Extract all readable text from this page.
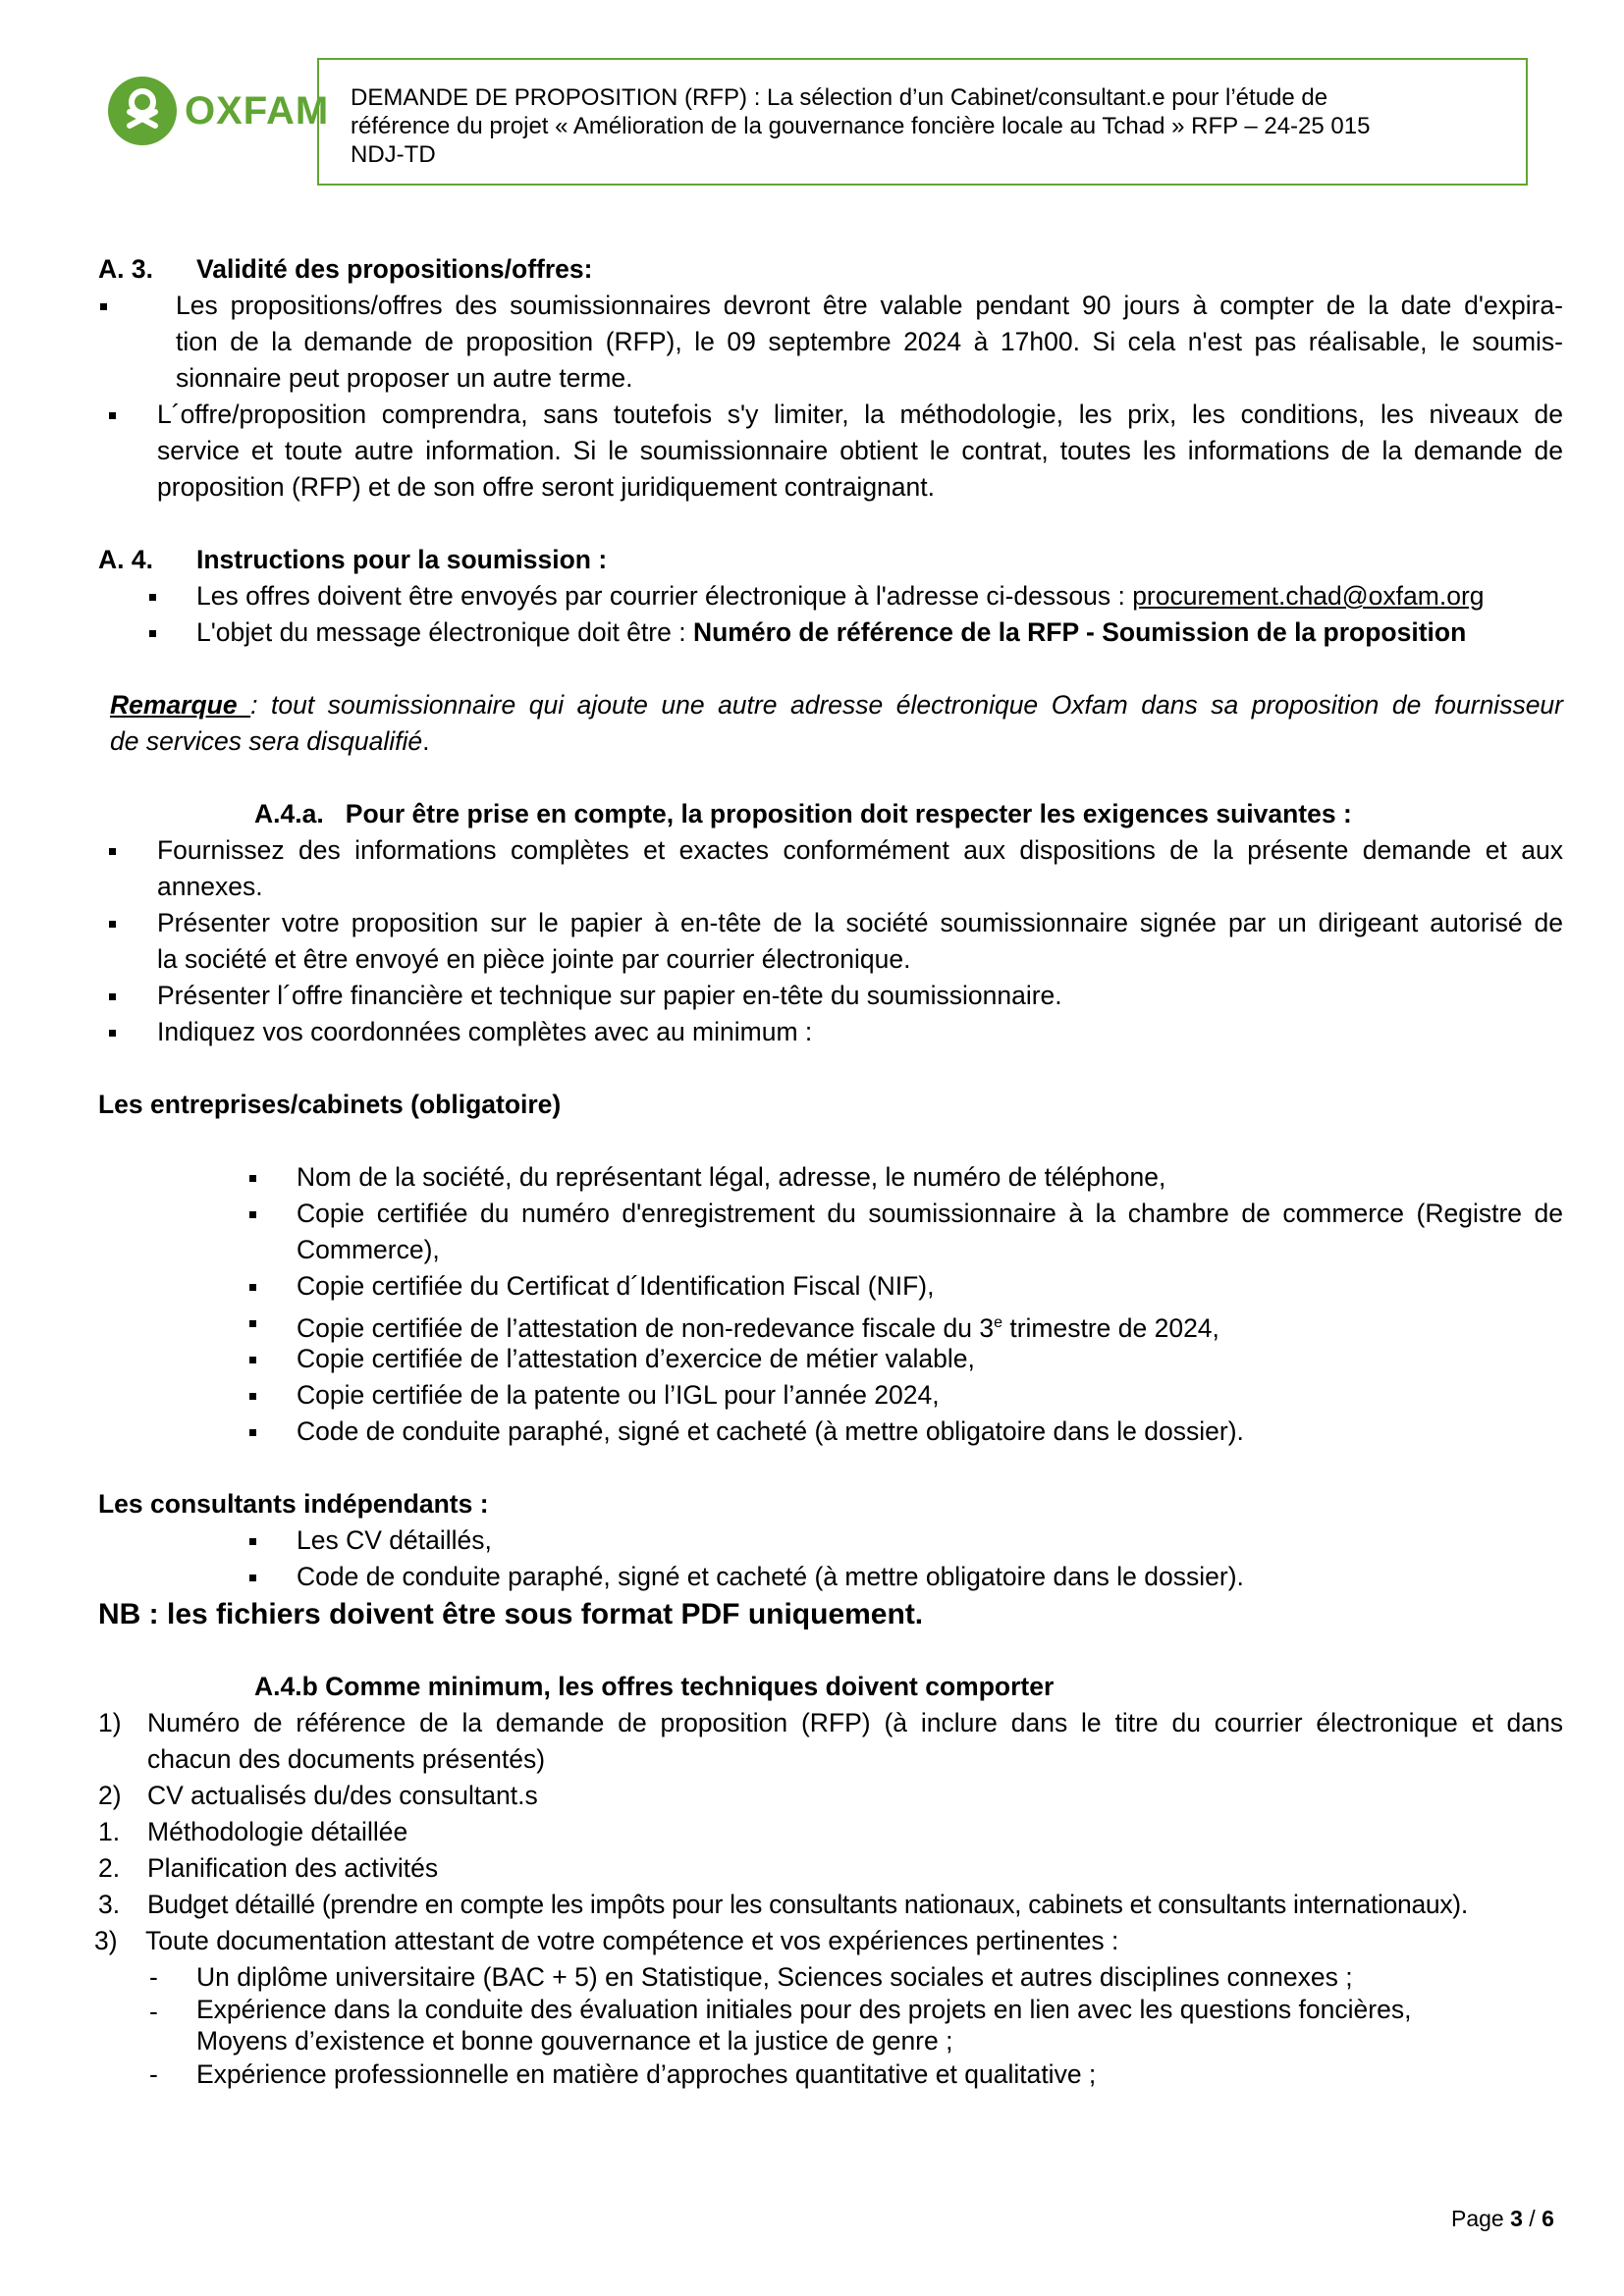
OXFAM DEMANDE DE PROPOSITION (RFP) : La sélection d’un Cabinet/consultant.e pour l’étude de
référence du projet « Amélioration de la gouvernance foncière locale au Tchad » RFP – 24-25 015
NDJ-TD
A. 3. Validité des propositions/offres:
Les propositions/offres des soumissionnaires devront être valable pendant 90 jours à compter de la date d'expira-
tion de la demande de proposition (RFP), le 09 septembre 2024 à 17h00. Si cela n'est pas réalisable, le soumis-
sionnaire peut proposer un autre terme.
L´offre/proposition comprendra, sans toutefois s'y limiter, la méthodologie, les prix, les conditions, les niveaux de
service et toute autre information. Si le soumissionnaire obtient le contrat, toutes les informations de la demande de
proposition (RFP) et de son offre seront juridiquement contraignant.
A. 4. Instructions pour la soumission :
Les offres doivent être envoyés par courrier électronique à l'adresse ci-dessous : procurement.chad@oxfam.org
L'objet du message électronique doit être : Numéro de référence de la RFP - Soumission de la proposition
Remarque : tout soumissionnaire qui ajoute une autre adresse électronique Oxfam dans sa proposition de fournisseur
de services sera disqualifié.
A.4.a.   Pour être prise en compte, la proposition doit respecter les exigences suivantes :
Fournissez des informations complètes et exactes conformément aux dispositions de la présente demande et aux
annexes.
Présenter votre proposition sur le papier à en-tête de la société soumissionnaire signée par un dirigeant autorisé de
la société et être envoyé en pièce jointe par courrier électronique.
Présenter l´offre financière et technique sur papier en-tête du soumissionnaire.
Indiquez vos coordonnées complètes avec au minimum :
Les entreprises/cabinets (obligatoire)
Nom de la société, du représentant légal, adresse, le numéro de téléphone,
Copie certifiée du numéro d'enregistrement du soumissionnaire à la chambre de commerce (Registre de
Commerce),
Copie certifiée du Certificat d´Identification Fiscal (NIF),
Copie certifiée de l’attestation de non-redevance fiscale du 3e trimestre de 2024,
Copie certifiée de l’attestation d’exercice de métier valable,
Copie certifiée de la patente ou l’IGL pour l’année 2024,
Code de conduite paraphé, signé et cacheté (à mettre obligatoire dans le dossier).
Les consultants indépendants :
Les CV détaillés,
Code de conduite paraphé, signé et cacheté (à mettre obligatoire dans le dossier).
NB : les fichiers doivent être sous format PDF uniquement.
A.4.b Comme minimum, les offres techniques doivent comporter
1) Numéro de référence de la demande de proposition (RFP) (à inclure dans le titre du courrier électronique et dans
chacun des documents présentés)
2) CV actualisés du/des consultant.s
1. Méthodologie détaillée
2. Planification des activités
3. Budget détaillé (prendre en compte les impôts pour les consultants nationaux, cabinets et consultants internationaux).
3) Toute documentation attestant de votre compétence et vos expériences pertinentes :
- Un diplôme universitaire (BAC + 5) en Statistique, Sciences sociales et autres disciplines connexes ;
- Expérience dans la conduite des évaluation initiales pour des projets en lien avec les questions foncières,
Moyens d’existence et bonne gouvernance et la justice de genre ;
- Expérience professionnelle en matière d’approches quantitative et qualitative ;
Page 3 / 6
